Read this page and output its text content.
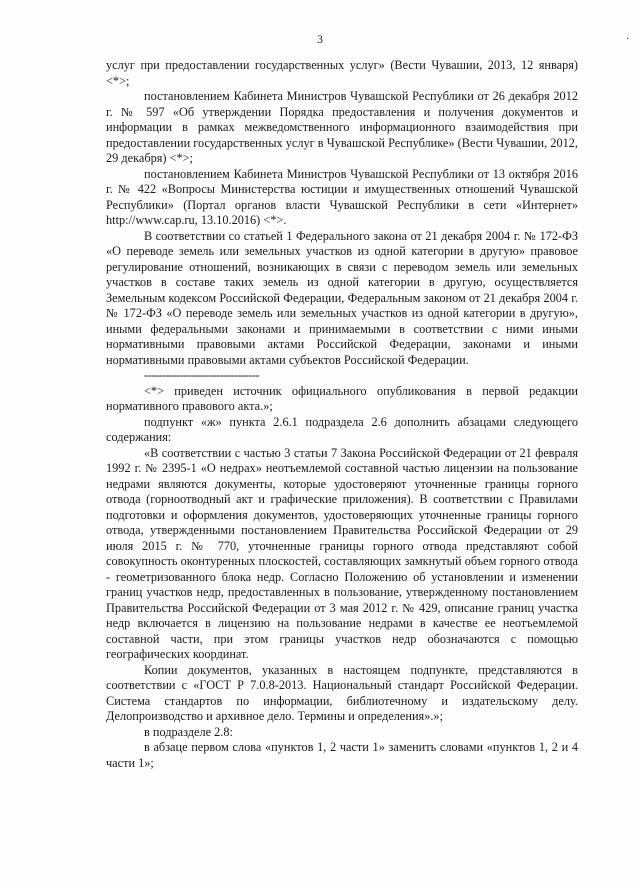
3	·

услуг при предоставлении государственных услуг» (Вести Чувашии, 2013, 12 января) <*>;

постановлением Кабинета Министров Чувашской Республики от 26 декабря 2012 г. № 597 «Об утверждении Порядка предоставления и получения документов и информации в рамках межведомственного информационного взаимодействия при предоставлении государственных услуг в Чувашской Республике» (Вести Чувашии, 2012, 29 декабря) <*>;

постановлением Кабинета Министров Чувашской Республики от 13 октября 2016 г. № 422 «Вопросы Министерства юстиции и имущественных отношений Чувашской Республики» (Портал органов власти Чувашской Республики в сети «Интернет» http://www.cap.ru, 13.10.2016) <*>.

В соответствии со статьей 1 Федерального закона от 21 декабря 2004 г. № 172-ФЗ «О переводе земель или земельных участков из одной категории в другую» правовое регулирование отношений, возникающих в связи с переводом земель или земельных участков в составе таких земель из одной категории в другую, осуществляется Земельным кодексом Российской Федерации, Федеральным законом от 21 декабря 2004 г. № 172-ФЗ «О переводе земель или земельных участков из одной категории в другую», иными федеральными законами и принимаемыми в соответствии с ними иными нормативными правовыми актами Российской Федерации, законами и иными нормативными правовыми актами субъектов Российской Федерации.

--------------------------------

<*> приведен источник официального опубликования в первой редакции нормативного правового акта.»;

подпункт «ж» пункта 2.6.1 подраздела 2.6 дополнить абзацами следующего содержания:

«В соответствии с частью 3 статьи 7 Закона Российской Федерации от 21 февраля 1992 г. № 2395-1 «О недрах» неотъемлемой составной частью лицензии на пользование недрами являются документы, которые удостоверяют уточненные границы горного отвода (горноотводный акт и графические приложения). В соответствии с Правилами подготовки и оформления документов, удостоверяющих уточненные границы горного отвода, утвержденными постановлением Правительства Российской Федерации от 29 июля 2015 г. № 770, уточненные границы горного отвода представляют собой совокупность оконтуренных плоскостей, составляющих замкнутый объем горного отвода - геометризованного блока недр. Согласно Положению об установлении и изменении границ участков недр, предоставленных в пользование, утвержденному постановлением Правительства Российской Федерации от 3 мая 2012 г. № 429, описание границ участка недр включается в лицензию на пользование недрами в качестве ее неотъемлемой составной части, при этом границы участков недр обозначаются с помощью географических координат.

Копии документов, указанных в настоящем подпункте, представляются в соответствии с «ГОСТ Р 7.0.8-2013. Национальный стандарт Российской Федерации. Система стандартов по информации, библиотечному и издательскому делу. Делопроизводство и архивное дело. Термины и определения».»;

в подразделе 2.8:

в абзаце первом слова «пунктов 1, 2 части 1» заменить словами «пунктов 1, 2 и 4 части 1»;
